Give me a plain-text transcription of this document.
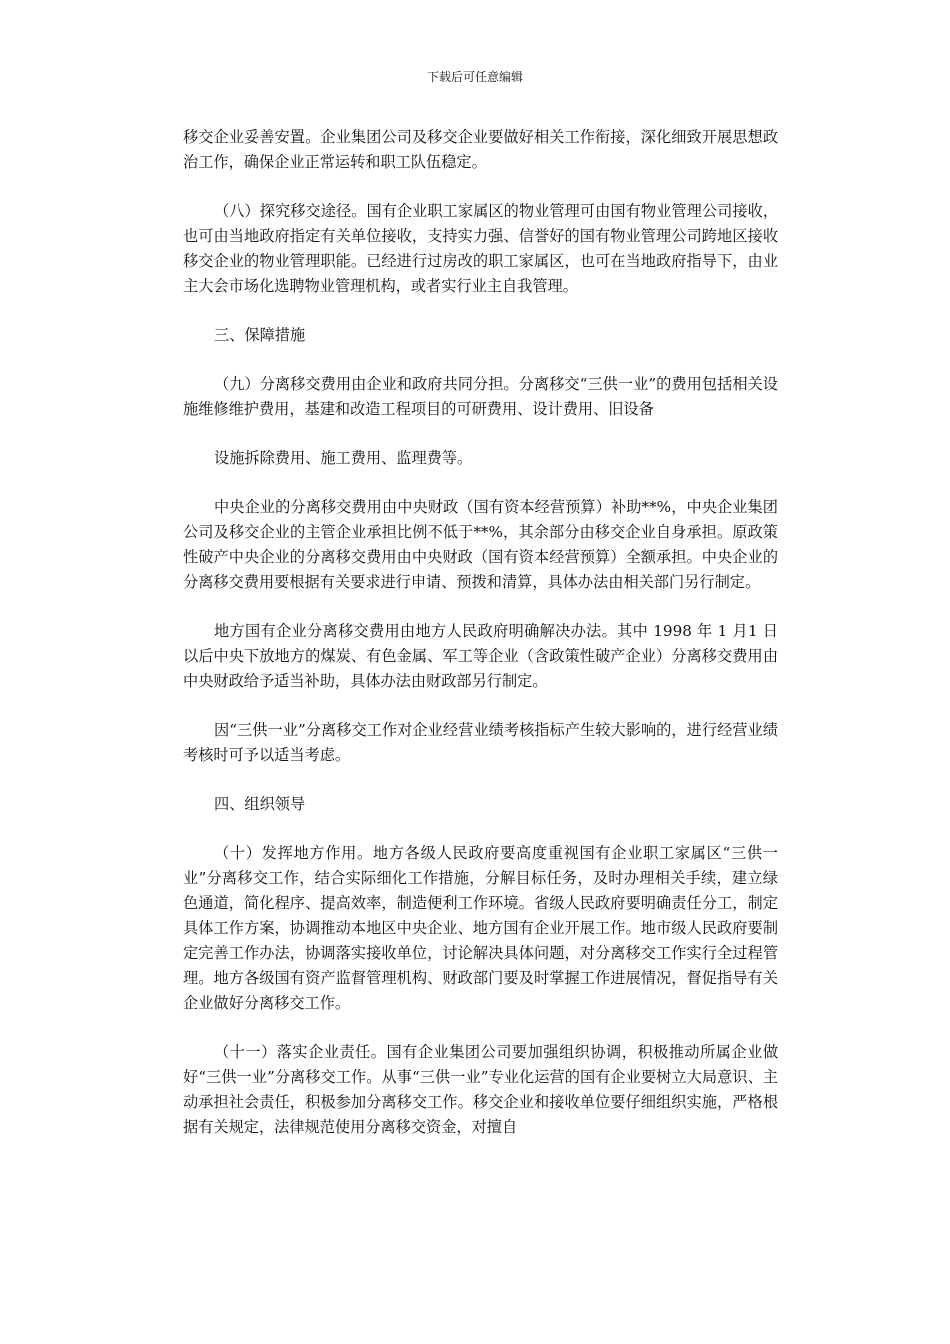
下载后可任意编辑

移交企业妥善安置。企业集团公司及移交企业要做好相关工作衔接，深化细致开展思想政治工作，确保企业正常运转和职工队伍稳定。

（八）探究移交途径。国有企业职工家属区的物业管理可由国有物业管理公司接收，也可由当地政府指定有关单位接收，支持实力强、信誉好的国有物业管理公司跨地区接收移交企业的物业管理职能。已经进行过房改的职工家属区，也可在当地政府指导下，由业主大会市场化选聘物业管理机构，或者实行业主自我管理。

三、保障措施

（九）分离移交费用由企业和政府共同分担。分离移交“三供一业”的费用包括相关设施维修维护费用，基建和改造工程项目的可研费用、设计费用、旧设备

设施拆除费用、施工费用、监理费等。

中央企业的分离移交费用由中央财政（国有资本经营预算）补助**%，中央企业集团公司及移交企业的主管企业承担比例不低于**%，其余部分由移交企业自身承担。原政策性破产中央企业的分离移交费用由中央财政（国有资本经营预算）全额承担。中央企业的分离移交费用要根据有关要求进行申请、预拨和清算，具体办法由相关部门另行制定。

地方国有企业分离移交费用由地方人民政府明确解决办法。其中 1998 年 1 月1 日以后中央下放地方的煤炭、有色金属、军工等企业（含政策性破产企业）分离移交费用由中央财政给予适当补助，具体办法由财政部另行制定。

因“三供一业”分离移交工作对企业经营业绩考核指标产生较大影响的，进行经营业绩考核时可予以适当考虑。

四、组织领导

（十）发挥地方作用。地方各级人民政府要高度重视国有企业职工家属区“三供一业”分离移交工作，结合实际细化工作措施，分解目标任务，及时办理相关手续，建立绿色通道，简化程序、提高效率，制造便利工作环境。省级人民政府要明确责任分工，制定具体工作方案，协调推动本地区中央企业、地方国有企业开展工作。地市级人民政府要制定完善工作办法，协调落实接收单位，讨论解决具体问题，对分离移交工作实行全过程管理。地方各级国有资产监督管理机构、财政部门要及时掌握工作进展情况，督促指导有关企业做好分离移交工作。

（十一）落实企业责任。国有企业集团公司要加强组织协调，积极推动所属企业做好“三供一业”分离移交工作。从事“三供一业”专业化运营的国有企业要树立大局意识、主动承担社会责任，积极参加分离移交工作。移交企业和接收单位要仔细组织实施，严格根据有关规定，法律规范使用分离移交资金，对擅自
